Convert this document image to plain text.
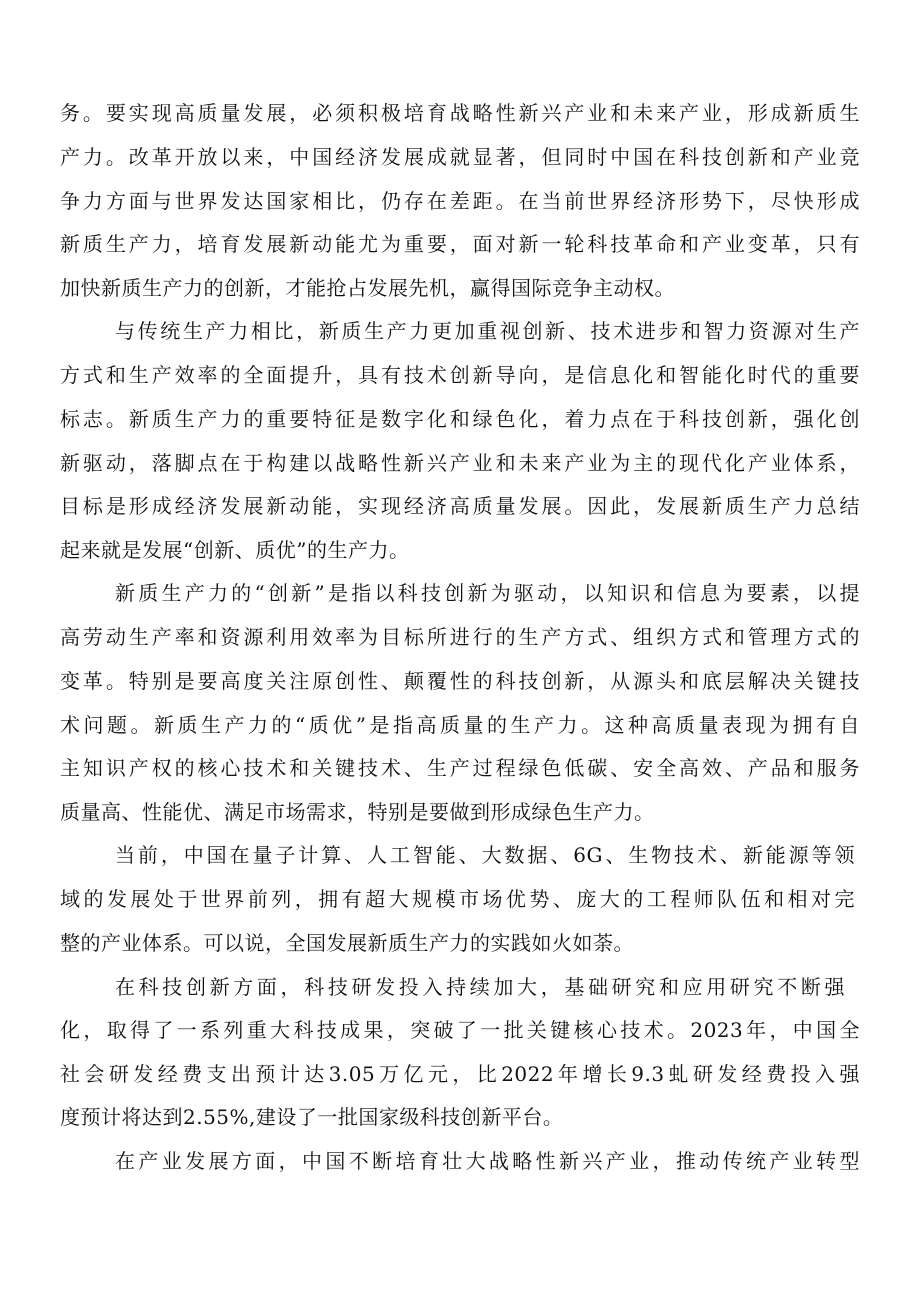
务。要实现高质量发展，必须积极培育战略性新兴产业和未来产业，形成新质生
产力。改革开放以来，中国经济发展成就显著，但同时中国在科技创新和产业竞
争力方面与世界发达国家相比，仍存在差距。在当前世界经济形势下，尽快形成
新质生产力，培育发展新动能尤为重要，面对新一轮科技革命和产业变革，只有
加快新质生产力的创新，才能抢占发展先机，赢得国际竞争主动权。
与传统生产力相比，新质生产力更加重视创新、技术进步和智力资源对生产
方式和生产效率的全面提升，具有技术创新导向，是信息化和智能化时代的重要
标志。新质生产力的重要特征是数字化和绿色化，着力点在于科技创新，强化创
新驱动，落脚点在于构建以战略性新兴产业和未来产业为主的现代化产业体系，
目标是形成经济发展新动能，实现经济高质量发展。因此，发展新质生产力总结
起来就是发展“创新、质优”的生产力。
新质生产力的“创新”是指以科技创新为驱动，以知识和信息为要素，以提
高劳动生产率和资源利用效率为目标所进行的生产方式、组织方式和管理方式的
变革。特别是要高度关注原创性、颠覆性的科技创新，从源头和底层解决关键技
术问题。新质生产力的“质优”是指高质量的生产力。这种高质量表现为拥有自
主知识产权的核心技术和关键技术、生产过程绿色低碳、安全高效、产品和服务
质量高、性能优、满足市场需求，特别是要做到形成绿色生产力。
当前，中国在量子计算、人工智能、大数据、6G、生物技术、新能源等领
域的发展处于世界前列，拥有超大规模市场优势、庞大的工程师队伍和相对完
整的产业体系。可以说，全国发展新质生产力的实践如火如荼。
在科技创新方面，科技研发投入持续加大，基础研究和应用研究不断强
化，取得了一系列重大科技成果，突破了一批关键核心技术。2023年，中国全
社会研发经费支出预计达3.05万亿元，比2022年增长9.3虬研发经费投入强
度预计将达到2.55%,建设了一批国家级科技创新平台。
在产业发展方面，中国不断培育壮大战略性新兴产业，推动传统产业转型
